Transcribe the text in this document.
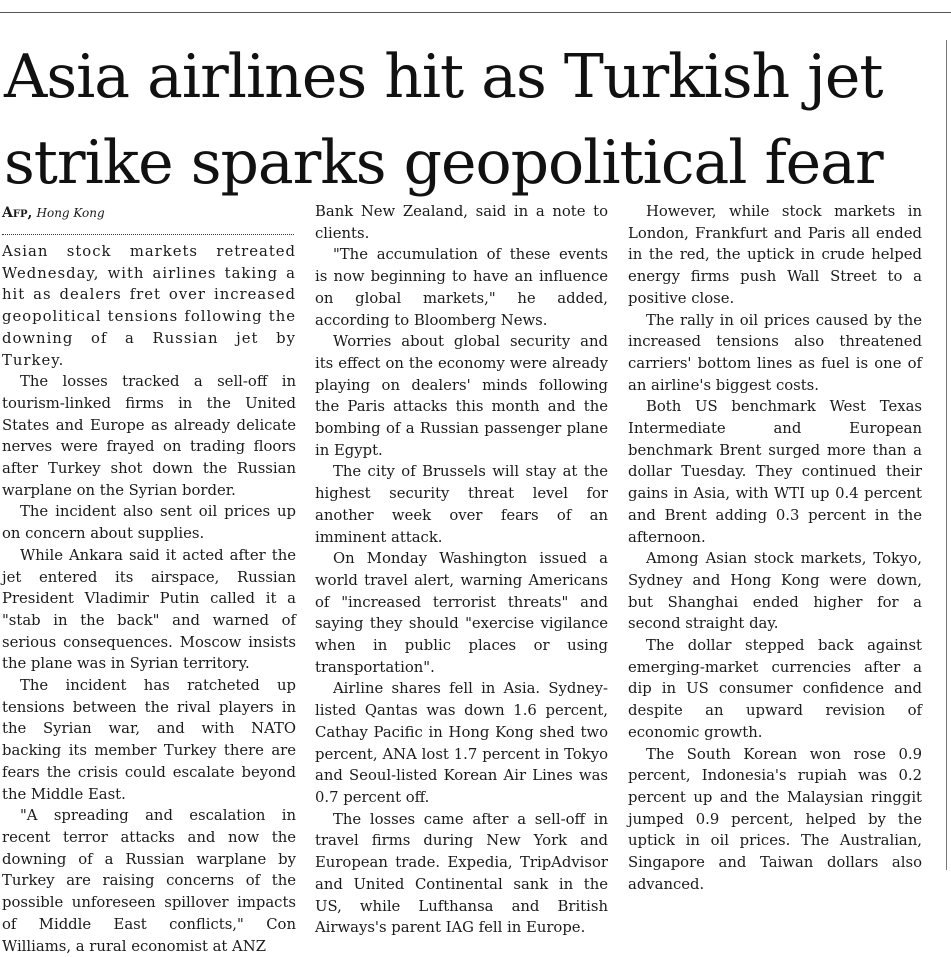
Asia airlines hit as Turkish jet
strike sparks geopolitical fear
Afp, Hong Kong

Asian stock markets retreated Wednesday, with airlines taking a hit as dealers fret over increased geopolitical tensions following the downing of a Russian jet by Turkey.

The losses tracked a sell-off in tourism-linked firms in the United States and Europe as already delicate nerves were frayed on trading floors after Turkey shot down the Russian warplane on the Syrian border.

The incident also sent oil prices up on concern about supplies.

While Ankara said it acted after the jet entered its airspace, Russian President Vladimir Putin called it a "stab in the back" and warned of serious consequences. Moscow insists the plane was in Syrian territory.

The incident has ratcheted up tensions between the rival players in the Syrian war, and with NATO backing its member Turkey there are fears the crisis could escalate beyond the Middle East.

"A spreading and escalation in recent terror attacks and now the downing of a Russian warplane by Turkey are raising concerns of the possible unforeseen spillover impacts of Middle East conflicts," Con Williams, a rural economist at ANZ

Bank New Zealand, said in a note to clients.

"The accumulation of these events is now beginning to have an influence on global markets," he added, according to Bloomberg News.

Worries about global security and its effect on the economy were already playing on dealers' minds following the Paris attacks this month and the bombing of a Russian passenger plane in Egypt.

The city of Brussels will stay at the highest security threat level for another week over fears of an imminent attack.

On Monday Washington issued a world travel alert, warning Americans of "increased terrorist threats" and saying they should "exercise vigilance when in public places or using transportation".

Airline shares fell in Asia. Sydney-listed Qantas was down 1.6 percent, Cathay Pacific in Hong Kong shed two percent, ANA lost 1.7 percent in Tokyo and Seoul-listed Korean Air Lines was 0.7 percent off.

The losses came after a sell-off in travel firms during New York and European trade. Expedia, TripAdvisor and United Continental sank in the US, while Lufthansa and British Airways's parent IAG fell in Europe.

However, while stock markets in London, Frankfurt and Paris all ended in the red, the uptick in crude helped energy firms push Wall Street to a positive close.

The rally in oil prices caused by the increased tensions also threatened carriers' bottom lines as fuel is one of an airline's biggest costs.

Both US benchmark West Texas Intermediate and European benchmark Brent surged more than a dollar Tuesday. They continued their gains in Asia, with WTI up 0.4 percent and Brent adding 0.3 percent in the afternoon.

Among Asian stock markets, Tokyo, Sydney and Hong Kong were down, but Shanghai ended higher for a second straight day.

The dollar stepped back against emerging-market currencies after a dip in US consumer confidence and despite an upward revision of economic growth.

The South Korean won rose 0.9 percent, Indonesia's rupiah was 0.2 percent up and the Malaysian ringgit jumped 0.9 percent, helped by the uptick in oil prices. The Australian, Singapore and Taiwan dollars also advanced.
